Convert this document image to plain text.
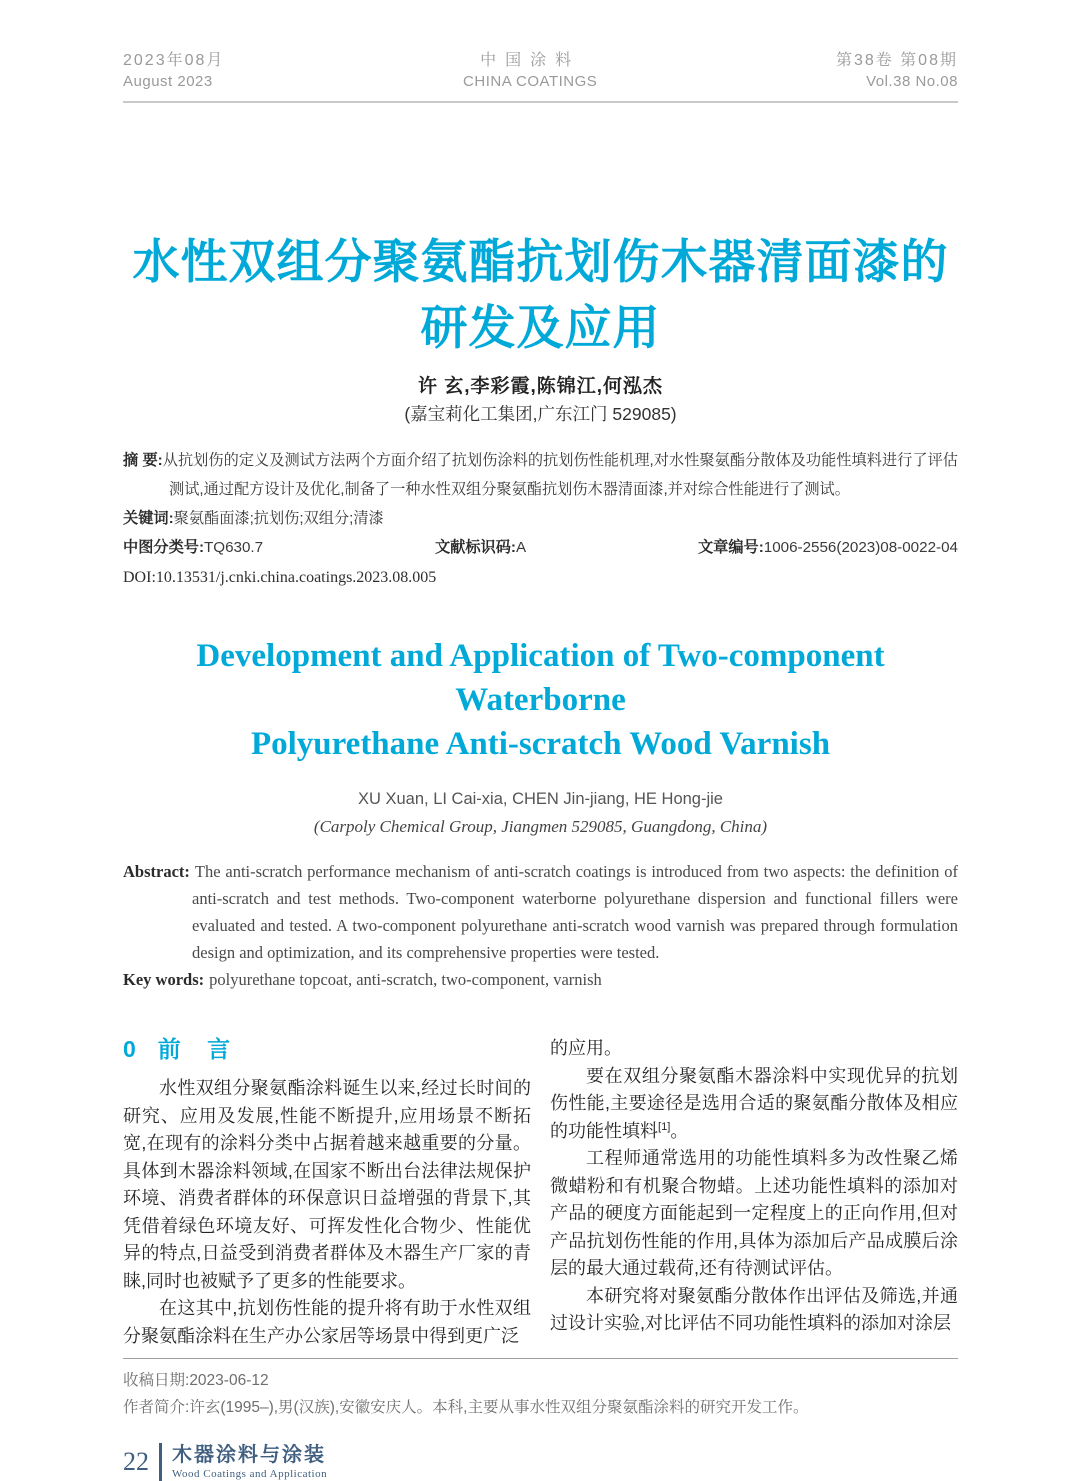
2023年08月
August 2023
中国涂料
CHINA COATINGS
第38卷 第08期
Vol.38 No.08
水性双组分聚氨酯抗划伤木器清面漆的
研发及应用
许 玄,李彩霞,陈锦江,何泓杰
(嘉宝莉化工集团,广东江门 529085)

摘 要:从抗划伤的定义及测试方法两个方面介绍了抗划伤涂料的抗划伤性能机理,对水性聚氨酯分散体及功能性填料进行了评估测试,通过配方设计及优化,制备了一种水性双组分聚氨酯抗划伤木器清面漆,并对综合性能进行了测试。

关键词:聚氨酯面漆;抗划伤;双组分;清漆

中图分类号:TQ630.7	文献标识码:A	文章编号:1006-2556(2023)08-0022-04
DOI:10.13531/j.cnki.china.coatings.2023.08.005
Development and Application of Two-component Waterborne
Polyurethane Anti-scratch Wood Varnish
XU Xuan, LI Cai-xia, CHEN Jin-jiang, HE Hong-jie
(Carpoly Chemical Group, Jiangmen 529085, Guangdong, China)

Abstract: The anti-scratch performance mechanism of anti-scratch coatings is introduced from two aspects: the definition of anti-scratch and test methods. Two-component waterborne polyurethane dispersion and functional fillers were evaluated and tested. A two-component polyurethane anti-scratch wood varnish was prepared through formulation design and optimization, and its comprehensive properties were tested.

Key words: polyurethane topcoat, anti-scratch, two-component, varnish

0 前 言

水性双组分聚氨酯涂料诞生以来,经过长时间的研究、应用及发展,性能不断提升,应用场景不断拓宽,在现有的涂料分类中占据着越来越重要的分量。具体到木器涂料领域,在国家不断出台法律法规保护环境、消费者群体的环保意识日益增强的背景下,其凭借着绿色环境友好、可挥发性化合物少、性能优异的特点,日益受到消费者群体及木器生产厂家的青睐,同时也被赋予了更多的性能要求。

在这其中,抗划伤性能的提升将有助于水性双组分聚氨酯涂料在生产办公家居等场景中得到更广泛

的应用。

要在双组分聚氨酯木器涂料中实现优异的抗划伤性能,主要途径是选用合适的聚氨酯分散体及相应的功能性填料[1]。

工程师通常选用的功能性填料多为改性聚乙烯微蜡粉和有机聚合物蜡。上述功能性填料的添加对产品的硬度方面能起到一定程度上的正向作用,但对产品抗划伤性能的作用,具体为添加后产品成膜后涂层的最大通过载荷,还有待测试评估。

本研究将对聚氨酯分散体作出评估及筛选,并通过设计实验,对比评估不同功能性填料的添加对涂层

收稿日期:2023-06-12
作者简介:许玄(1995–),男(汉族),安徽安庆人。本科,主要从事水性双组分聚氨酯涂料的研究开发工作。
22 木器涂料与涂装
Wood Coatings and Application
